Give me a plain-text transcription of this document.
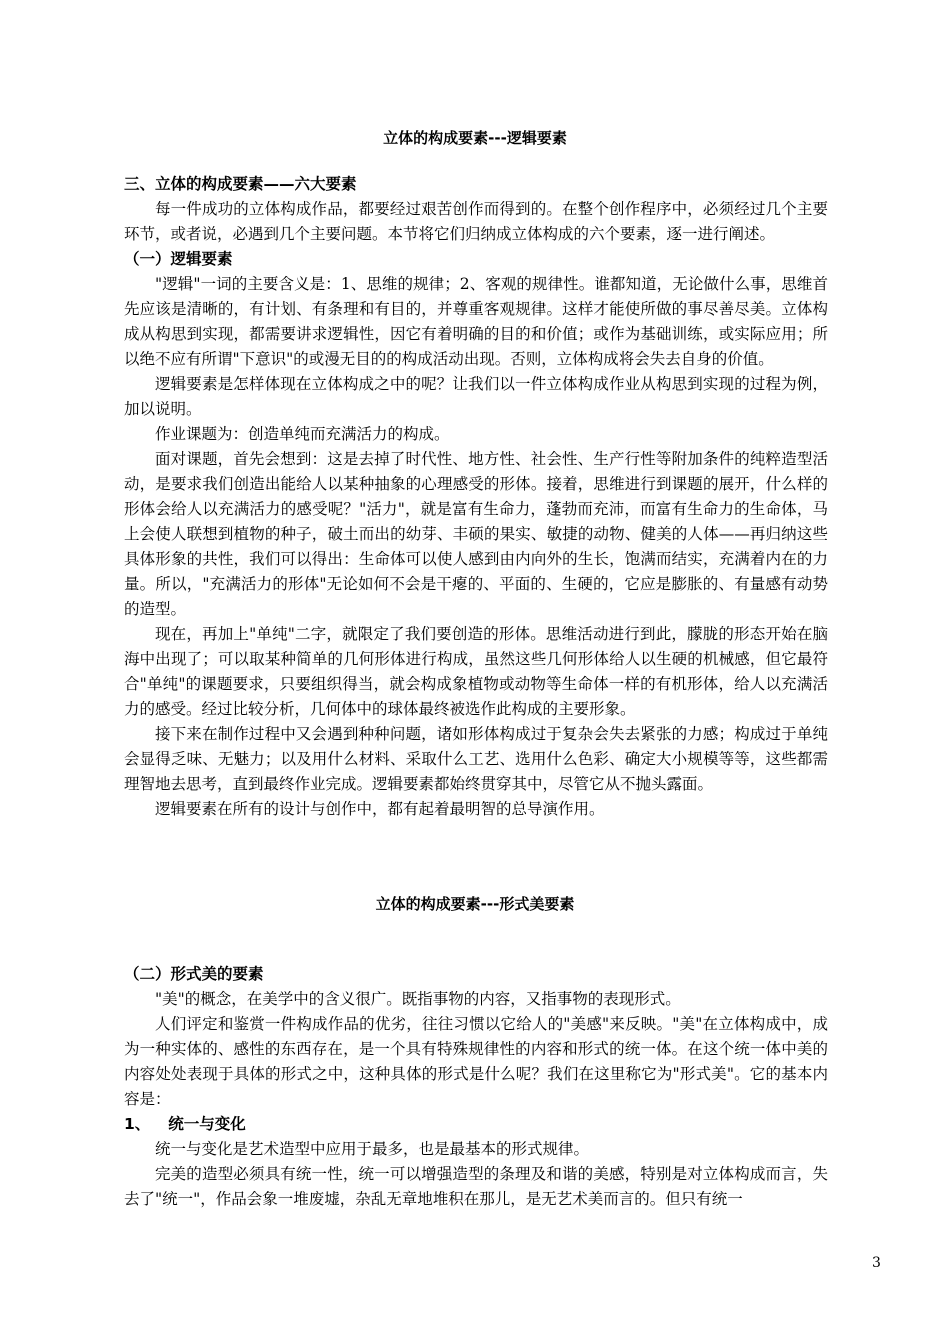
立体的构成要素---逻辑要素
三、立体的构成要素——六大要素

每一件成功的立体构成作品，都要经过艰苦创作而得到的。在整个创作程序中，必须经过几个主要环节，或者说，必遇到几个主要问题。本节将它们归纳成立体构成的六个要素，逐一进行阐述。

（一）逻辑要素

"逻辑"一词的主要含义是：1、思维的规律；2、客观的规律性。谁都知道，无论做什么事，思维首先应该是清晰的，有计划、有条理和有目的，并尊重客观规律。这样才能使所做的事尽善尽美。立体构成从构思到实现，都需要讲求逻辑性，因它有着明确的目的和价值；或作为基础训练，或实际应用；所以绝不应有所谓"下意识"的或漫无目的的构成活动出现。否则，立体构成将会失去自身的价值。

逻辑要素是怎样体现在立体构成之中的呢？让我们以一件立体构成作业从构思到实现的过程为例，加以说明。

作业课题为：创造单纯而充满活力的构成。

面对课题，首先会想到：这是去掉了时代性、地方性、社会性、生产行性等附加条件的纯粹造型活动，是要求我们创造出能给人以某种抽象的心理感受的形体。接着，思维进行到课题的展开，什么样的形体会给人以充满活力的感受呢？"活力"，就是富有生命力，蓬勃而充沛，而富有生命力的生命体，马上会使人联想到植物的种子，破土而出的幼芽、丰硕的果实、敏捷的动物、健美的人体——再归纳这些具体形象的共性，我们可以得出：生命体可以使人感到由内向外的生长，饱满而结实，充满着内在的力量。所以，"充满活力的形体"无论如何不会是干瘪的、平面的、生硬的，它应是膨胀的、有量感有动势的造型。

现在，再加上"单纯"二字，就限定了我们要创造的形体。思维活动进行到此，朦胧的形态开始在脑海中出现了；可以取某种简单的几何形体进行构成，虽然这些几何形体给人以生硬的机械感，但它最符合"单纯"的课题要求，只要组织得当，就会构成象植物或动物等生命体一样的有机形体，给人以充满活力的感受。经过比较分析，几何体中的球体最终被选作此构成的主要形象。

接下来在制作过程中又会遇到种种问题，诸如形体构成过于复杂会失去紧张的力感；构成过于单纯会显得乏味、无魅力；以及用什么材料、采取什么工艺、选用什么色彩、确定大小规模等等，这些都需理智地去思考，直到最终作业完成。逻辑要素都始终贯穿其中，尽管它从不抛头露面。

逻辑要素在所有的设计与创作中，都有起着最明智的总导演作用。

立体的构成要素---形式美要素
（二）形式美的要素

"美"的概念，在美学中的含义很广。既指事物的内容，又指事物的表现形式。

人们评定和鉴赏一件构成作品的优劣，往往习惯以它给人的"美感"来反映。"美"在立体构成中，成为一种实体的、感性的东西存在，是一个具有特殊规律性的内容和形式的统一体。在这个统一体中美的内容处处表现于具体的形式之中，这种具体的形式是什么呢？我们在这里称它为"形式美"。它的基本内容是：

1、 统一与变化

统一与变化是艺术造型中应用于最多，也是最基本的形式规律。

完美的造型必须具有统一性，统一可以增强造型的条理及和谐的美感，特别是对立体构成而言，失去了"统一"，作品会象一堆废墟，杂乱无章地堆积在那儿，是无艺术美而言的。但只有统一

3
